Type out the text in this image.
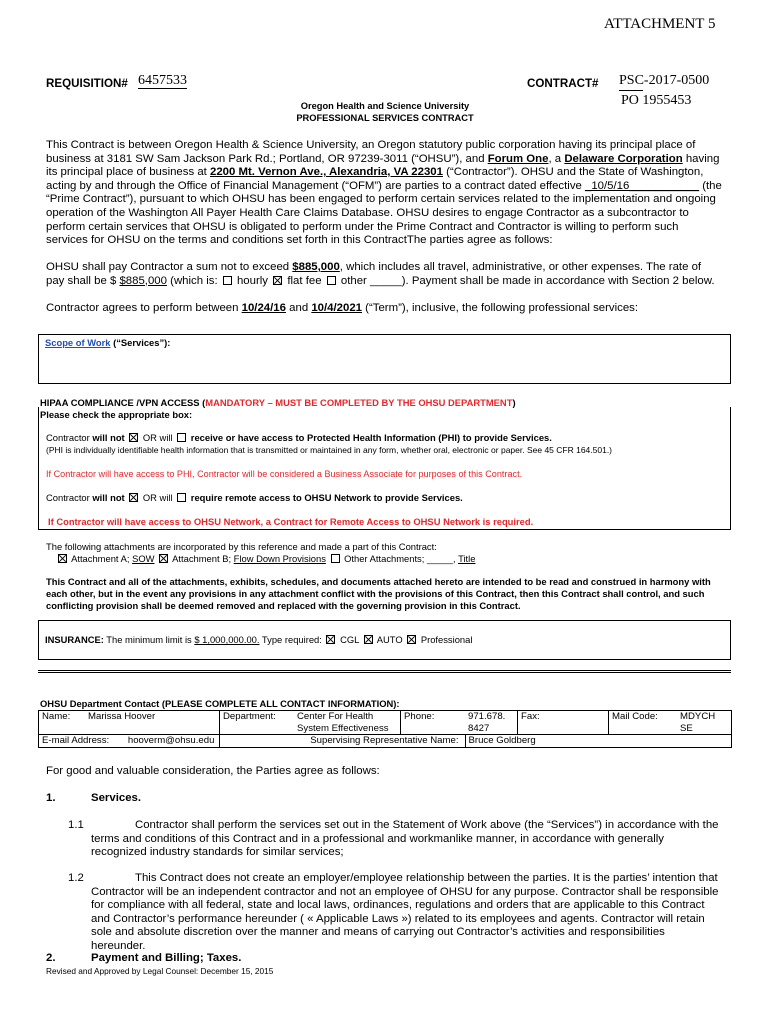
ATTACHMENT 5
REQUISITION# 6457533	CONTRACT# PSC-2017-0500
PO 1955453
Oregon Health and Science University
PROFESSIONAL SERVICES CONTRACT
This Contract is between Oregon Health & Science University, an Oregon statutory public corporation having its principal place of business at 3181 SW Sam Jackson Park Rd.; Portland, OR 97239-3011 (“OHSU”), and Forum One, a Delaware Corporation having its principal place of business at 2200 Mt. Vernon Ave., Alexandria, VA 22301 (“Contractor”). OHSU and the State of Washington, acting by and through the Office of Financial Management (“OFM”) are parties to a contract dated effective _10/5/16___________ (the “Prime Contract”), pursuant to which OHSU has been engaged to perform certain services related to the implementation and ongoing operation of the Washington All Payer Health Care Claims Database. OHSU desires to engage Contractor as a subcontractor to perform certain services that OHSU is obligated to perform under the Prime Contract and Contractor is willing to perform such services for OHSU on the terms and conditions set forth in this ContractThe parties agree as follows:
OHSU shall pay Contractor a sum not to exceed $885,000, which includes all travel, administrative, or other expenses. The rate of pay shall be $ $885,000 (which is:  hourly flat fee other _____). Payment shall be made in accordance with Section 2 below.
Contractor agrees to perform between 10/24/16 and 10/4/2021 (“Term”), inclusive, the following professional services:
Scope of Work (“Services”):
HIPAA COMPLIANCE /VPN ACCESS (MANDATORY – MUST BE COMPLETED BY THE OHSU DEPARTMENT)
Please check the appropriate box:
Contractor will not  OR will  receive or have access to Protected Health Information (PHI) to provide Services.
(PHI is individually identifiable health information that is transmitted or maintained in any form, whether oral, electronic or paper. See 45 CFR 164.501.)
If Contractor will have access to PHI, Contractor will be considered a Business Associate for purposes of this Contract.
Contractor will not  OR will  require remote access to OHSU Network to provide Services.
If Contractor will have access to OHSU Network, a Contract for Remote Access to OHSU Network is required.
The following attachments are incorporated by this reference and made a part of this Contract:
Attachment A; SOW Attachment B; Flow Down Provisions Other Attachments; _____, Title
This Contract and all of the attachments, exhibits, schedules, and documents attached hereto are intended to be read and construed in harmony with each other, but in the event any provisions in any attachment conflict with the provisions of this Contract, then this Contract shall control, and such conflicting provision shall be deemed removed and replaced with the governing provision in this Contract.
INSURANCE: The minimum limit is $ 1,000,000.00. Type required: CGL AUTO Professional
OHSU Department Contact (PLEASE COMPLETE ALL CONTACT INFORMATION):
Name:	Marissa Hoover	Department:	Center For Health System Effectiveness	Phone:	971.678. 8427	Fax:	Mail Code:	MDYCH SE
E-mail Address: hooverm@ohsu.edu		Supervising Representative Name:			Bruce Goldberg			
For good and valuable consideration, the Parties agree as follows:
1.	Services.
1.1	Contractor shall perform the services set out in the Statement of Work above (the “Services”) in accordance with the terms and conditions of this Contract and in a professional and workmanlike manner, in accordance with generally recognized industry standards for similar services;
1.2	This Contract does not create an employer/employee relationship between the parties. It is the parties’ intention that Contractor will be an independent contractor and not an employee of OHSU for any purpose. Contractor shall be responsible for compliance with all federal, state and local laws, ordinances, regulations and orders that are applicable to this Contract and Contractor’s performance hereunder ( « Applicable Laws ») related to its employees and agents. Contractor will retain sole and absolute discretion over the manner and means of carrying out Contractor’s activities and responsibilities hereunder.
2.	Payment and Billing; Taxes.
Revised and Approved by Legal Counsel: December 15, 2015
